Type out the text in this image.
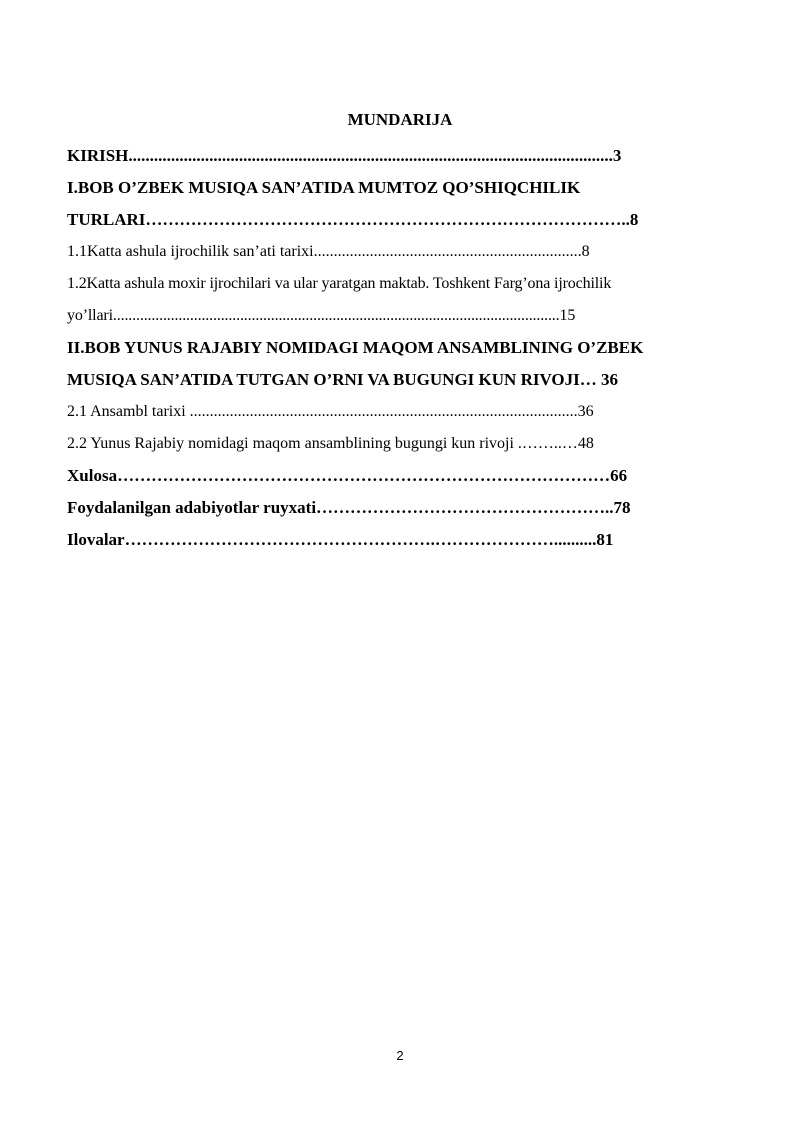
MUNDARIJA
KIRISH..................................................................................................................3
I.BOB O’ZBEK MUSIQA SAN’ATIDA MUMTOZ QO’SHIQCHILIK
TURLARI…………………………………………………………………………..8
1.1Katta ashula ijrochilik san’ati tarixi...................................................................8
1.2Katta ashula moxir ijrochilari va ular yaratgan maktab. Toshkent Farg’ona ijrochilik
yo’llari....................................................................................................................15
II.BOB YUNUS RAJABIY NOMIDAGI MAQOM ANSAMBLINING O’ZBEK
MUSIQA SAN’ATIDA TUTGAN O’RNI VA BUGUNGI KUN RIVOJI… 36
2.1 Ansambl tarixi .................................................................................................36
2.2 Yunus Rajabiy nomidagi maqom ansamblining bugungi kun rivoji .……..…48
Xulosa……………………………………………………………………………66
Foydalanilgan adabiyotlar ruyxati……………………………………………..78
Ilovalar……………………………………………….…………………..........81
2
